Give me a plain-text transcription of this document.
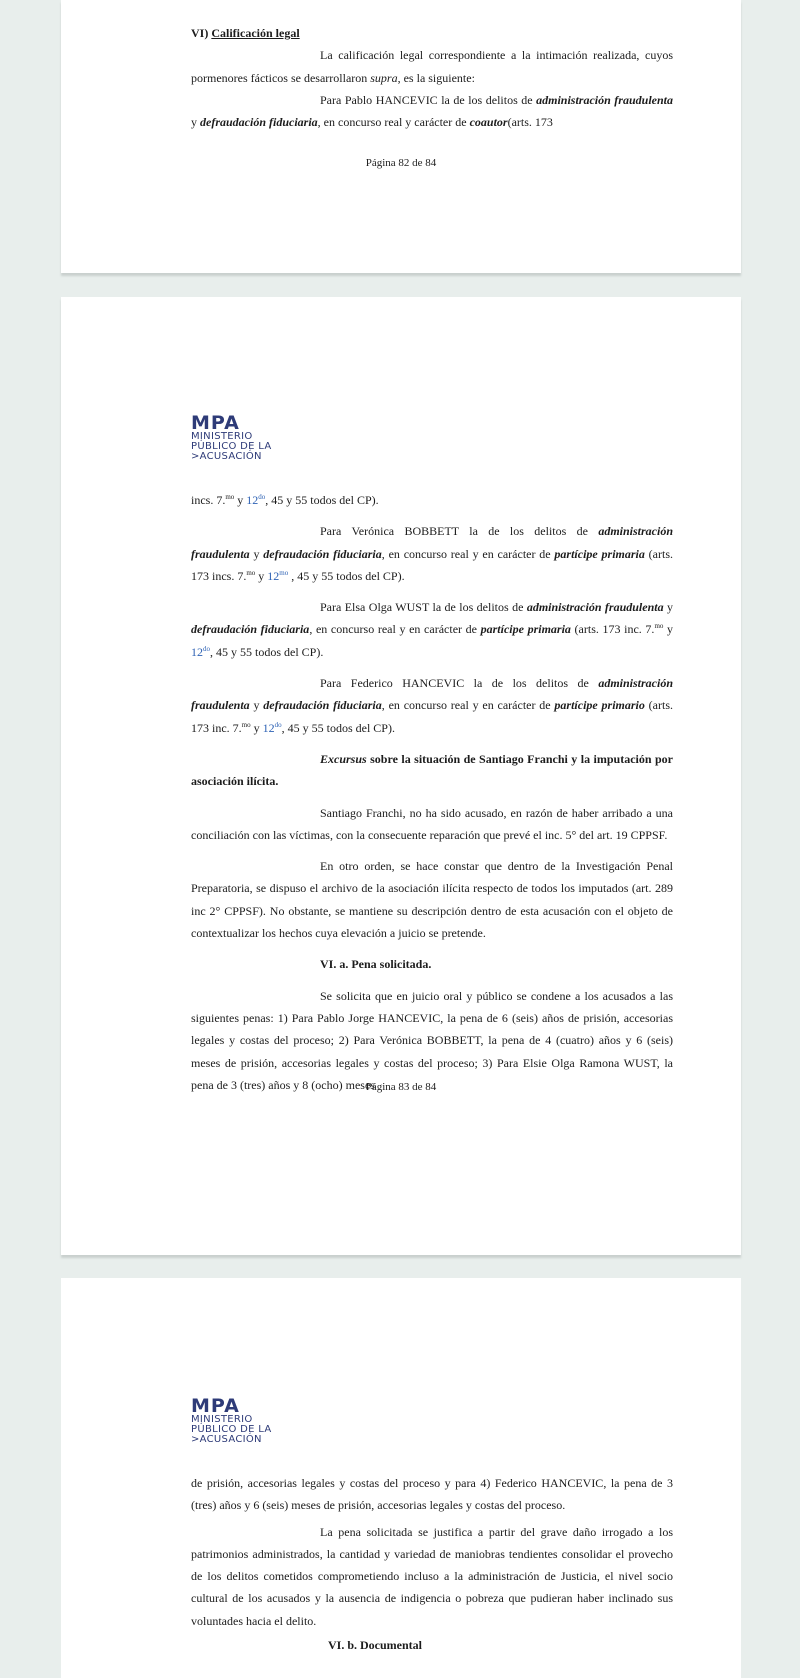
VI) Calificación legal

La calificación legal correspondiente a la intimación realizada, cuyos pormenores fácticos se desarrollaron supra, es la siguiente:

Para Pablo HANCEVIC la de los delitos de administración fraudulenta y defraudación fiduciaria, en concurso real y carácter de coautor(arts. 173

Página 82 de 84
MPA
MINISTERIO
PÚBLICO DE LA
>ACUSACIÓN

incs. 7.$^{mo}$ y $12^{do}$, 45 y 55 todos del CP).

Para Verónica BOBBETT la de los delitos de administración fraudulenta y defraudación fiduciaria, en concurso real y en carácter de partícipe primaria (arts. 173 incs. 7.$^{mo}$ y $12^{mo}$ , 45 y 55 todos del CP).

Para Elsa Olga WUST la de los delitos de administración fraudulenta y defraudación fiduciaria, en concurso real y en carácter de partícipe primaria (arts. 173 inc. 7.$^{mo}$ y $12^{do}$, 45 y 55 todos del CP).

Para Federico HANCEVIC la de los delitos de administración fraudulenta y defraudación fiduciaria, en concurso real y en carácter de partícipe primario (arts. 173 inc. 7.$^{mo}$ y $12^{do}$, 45 y 55 todos del CP).

Excursus sobre la situación de Santiago Franchi y la imputación por asociación ilícita.

Santiago Franchi, no ha sido acusado, en razón de haber arribado a una conciliación con las víctimas, con la consecuente reparación que prevé el inc. 5° del art. 19 CPPSF.

En otro orden, se hace constar que dentro de la Investigación Penal Preparatoria, se dispuso el archivo de la asociación ilícita respecto de todos los imputados (art. 289 inc 2° CPPSF). No obstante, se mantiene su descripción dentro de esta acusación con el objeto de contextualizar los hechos cuya elevación a juicio se pretende.

VI. a. Pena solicitada.

Se solicita que en juicio oral y público se condene a los acusados a las siguientes penas: 1) Para Pablo Jorge HANCEVIC, la pena de 6 (seis) años de prisión, accesorias legales y costas del proceso; 2) Para Verónica BOBBETT, la pena de 4 (cuatro) años y 6 (seis) meses de prisión, accesorias legales y costas del proceso; 3) Para Elsie Olga Ramona WUST, la pena de 3 (tres) años y 8 (ocho) meses

Página 83 de 84
MPA
MINISTERIO
PÚBLICO DE LA
>ACUSACIÓN

de prisión, accesorias legales y costas del proceso y para 4) Federico HANCEVIC, la pena de 3 (tres) años y 6 (seis) meses de prisión, accesorias legales y costas del proceso.

La pena solicitada se justifica a partir del grave daño irrogado a los patrimonios administrados, la cantidad y variedad de maniobras tendientes consolidar el provecho de los delitos cometidos comprometiendo incluso a la administración de Justicia, el nivel socio cultural de los acusados y la ausencia de indigencia o pobreza que pudieran haber inclinado sus voluntades hacia el delito.

VI. b. Documental
